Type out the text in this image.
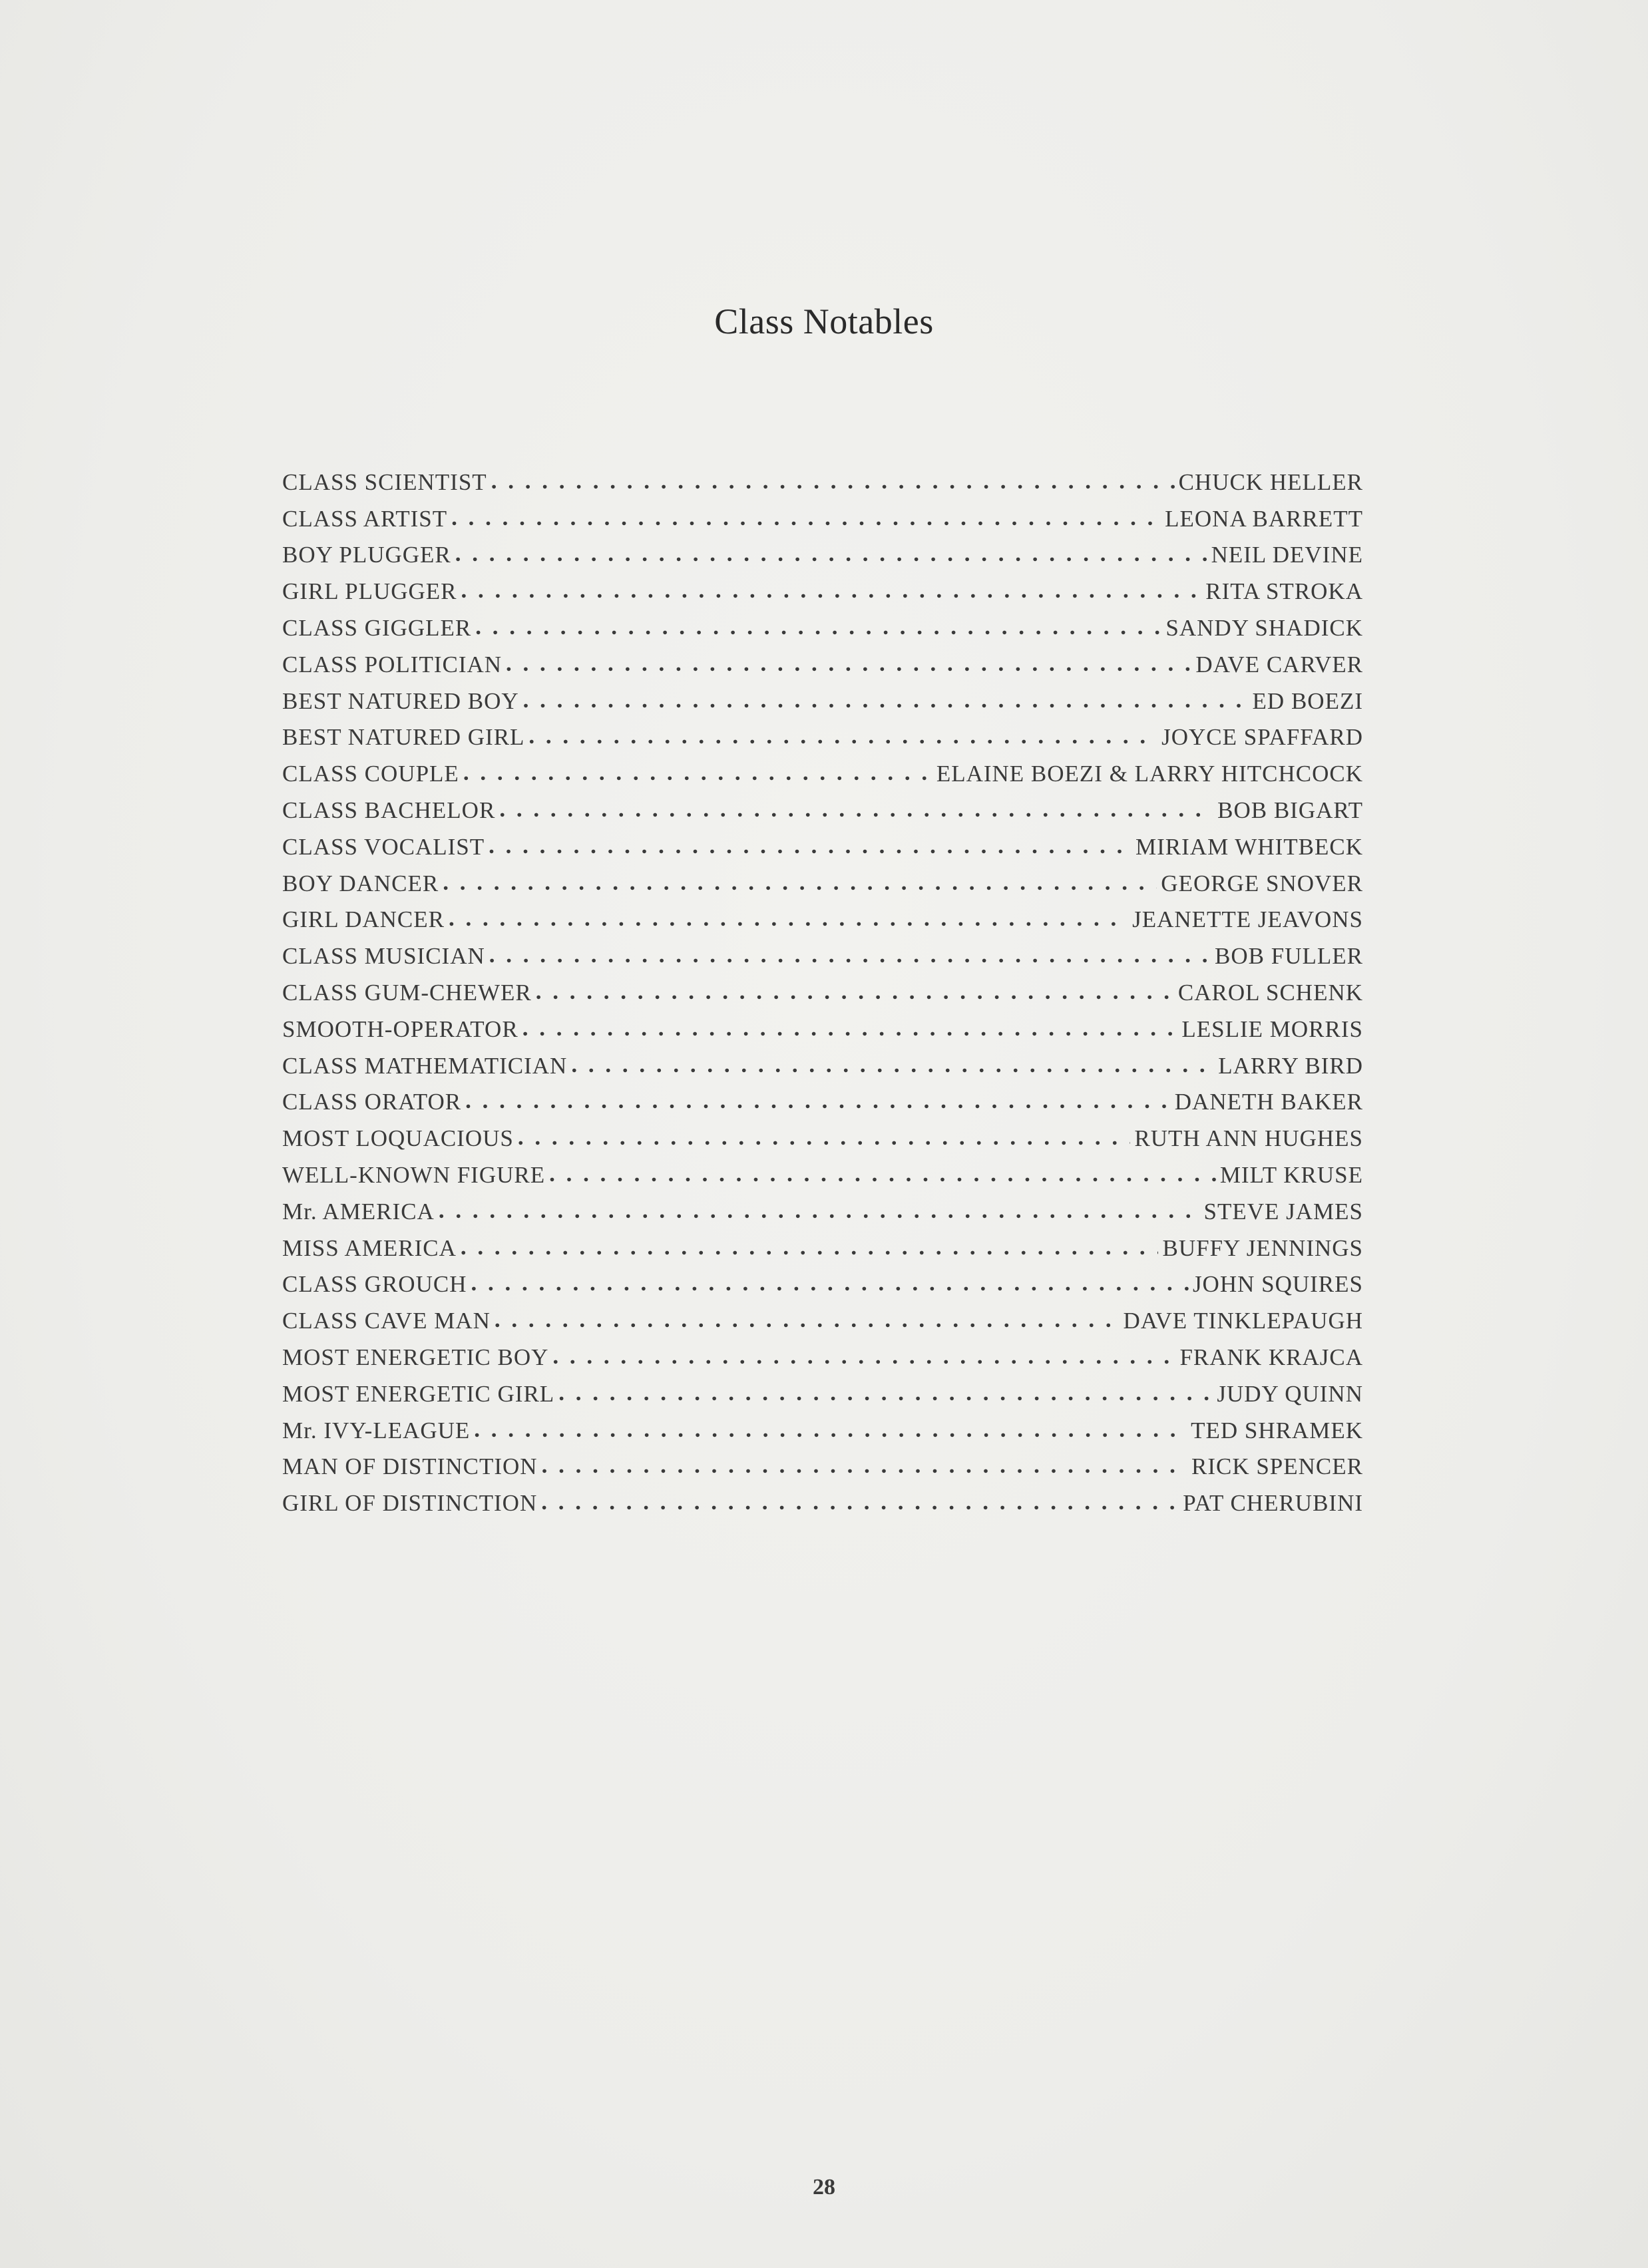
Class Notables
CLASS SCIENTIST . . .	CHUCK HELLER
CLASS ARTIST . . .	LEONA BARRETT
BOY PLUGGER . . .	NEIL DEVINE
GIRL PLUGGER . . .	RITA STROKA
CLASS GIGGLER . . .	SANDY SHADICK
CLASS POLITICIAN . . .	DAVE CARVER
BEST NATURED BOY . . .	ED BOEZI
BEST NATURED GIRL . . .	JOYCE SPAFFARD
CLASS COUPLE . . .	ELAINE BOEZI & LARRY HITCHCOCK
CLASS BACHELOR . . .	BOB BIGART
CLASS VOCALIST . . .	MIRIAM WHITBECK
BOY DANCER . . .	GEORGE SNOVER
GIRL DANCER . . .	JEANETTE JEAVONS
CLASS MUSICIAN . . .	BOB FULLER
CLASS GUM-CHEWER . . .	CAROL SCHENK
SMOOTH-OPERATOR . . .	LESLIE MORRIS
CLASS MATHEMATICIAN . . .	LARRY BIRD
CLASS ORATOR . . .	DANETH BAKER
MOST LOQUACIOUS . . .	RUTH ANN HUGHES
WELL-KNOWN FIGURE . . .	MILT KRUSE
Mr. AMERICA . . .	STEVE JAMES
MISS AMERICA . . .	BUFFY JENNINGS
CLASS GROUCH . . .	JOHN SQUIRES
CLASS CAVE MAN . . .	DAVE TINKLEPAUGH
MOST ENERGETIC BOY . . .	FRANK KRAJCA
MOST ENERGETIC GIRL . . .	JUDY QUINN
Mr. IVY-LEAGUE . . .	TED SHRAMEK
MAN OF DISTINCTION . . .	RICK SPENCER
GIRL OF DISTINCTION . . .	PAT CHERUBINI
28
